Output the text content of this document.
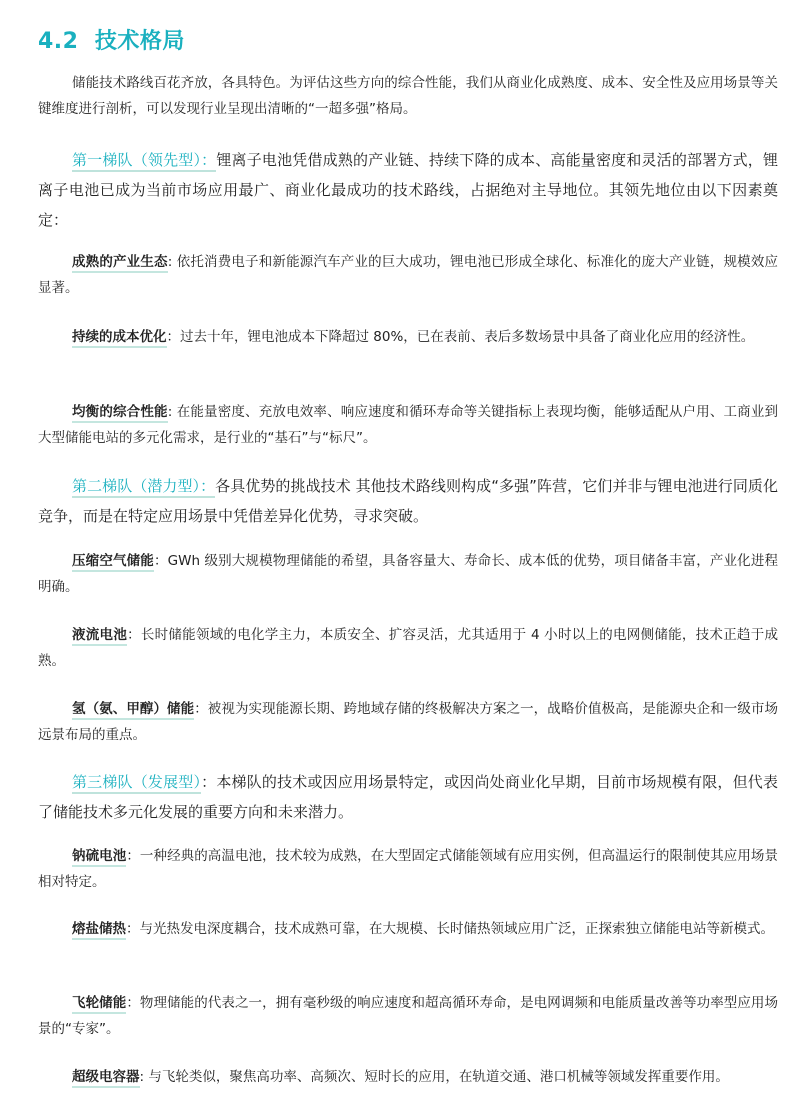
4.2 技术格局
储能技术路线百花齐放，各具特色。为评估这些方向的综合性能，我们从商业化成熟度、成本、安全性及应用场景等关键维度进行剖析，可以发现行业呈现出清晰的“一超多强”格局。
第一梯队（领先型）：锂离子电池凭借成熟的产业链、持续下降的成本、高能量密度和灵活的部署方式，锂离子电池已成为当前市场应用最广、商业化最成功的技术路线，占据绝对主导地位。其领先地位由以下因素奠定：
成熟的产业生态: 依托消费电子和新能源汽车产业的巨大成功，锂电池已形成全球化、标准化的庞大产业链，规模效应显著。
持续的成本优化：过去十年，锂电池成本下降超过 80%，已在表前、表后多数场景中具备了商业化应用的经济性。
均衡的综合性能: 在能量密度、充放电效率、响应速度和循环寿命等关键指标上表现均衡，能够适配从户用、工商业到大型储能电站的多元化需求，是行业的“基石”与“标尺”。
第二梯队（潜力型）：各具优势的挑战技术 其他技术路线则构成“多强”阵营，它们并非与锂电池进行同质化竞争，而是在特定应用场景中凭借差异化优势，寻求突破。
压缩空气储能：GWh 级别大规模物理储能的希望，具备容量大、寿命长、成本低的优势，项目储备丰富，产业化进程明确。
液流电池：长时储能领域的电化学主力，本质安全、扩容灵活，尤其适用于 4 小时以上的电网侧储能，技术正趋于成熟。
氢（氨、甲醇）储能：被视为实现能源长期、跨地域存储的终极解决方案之一，战略价值极高，是能源央企和一级市场远景布局的重点。
第三梯队（发展型）：本梯队的技术或因应用场景特定，或因尚处商业化早期，目前市场规模有限，但代表了储能技术多元化发展的重要方向和未来潜力。
钠硫电池：一种经典的高温电池，技术较为成熟，在大型固定式储能领域有应用实例，但高温运行的限制使其应用场景相对特定。
熔盐储热：与光热发电深度耦合，技术成熟可靠，在大规模、长时储热领域应用广泛，正探索独立储能电站等新模式。
飞轮储能：物理储能的代表之一，拥有毫秒级的响应速度和超高循环寿命，是电网调频和电能质量改善等功率型应用场景的“专家”。
超级电容器: 与飞轮类似，聚焦高功率、高频次、短时长的应用，在轨道交通、港口机械等领域发挥重要作用。
